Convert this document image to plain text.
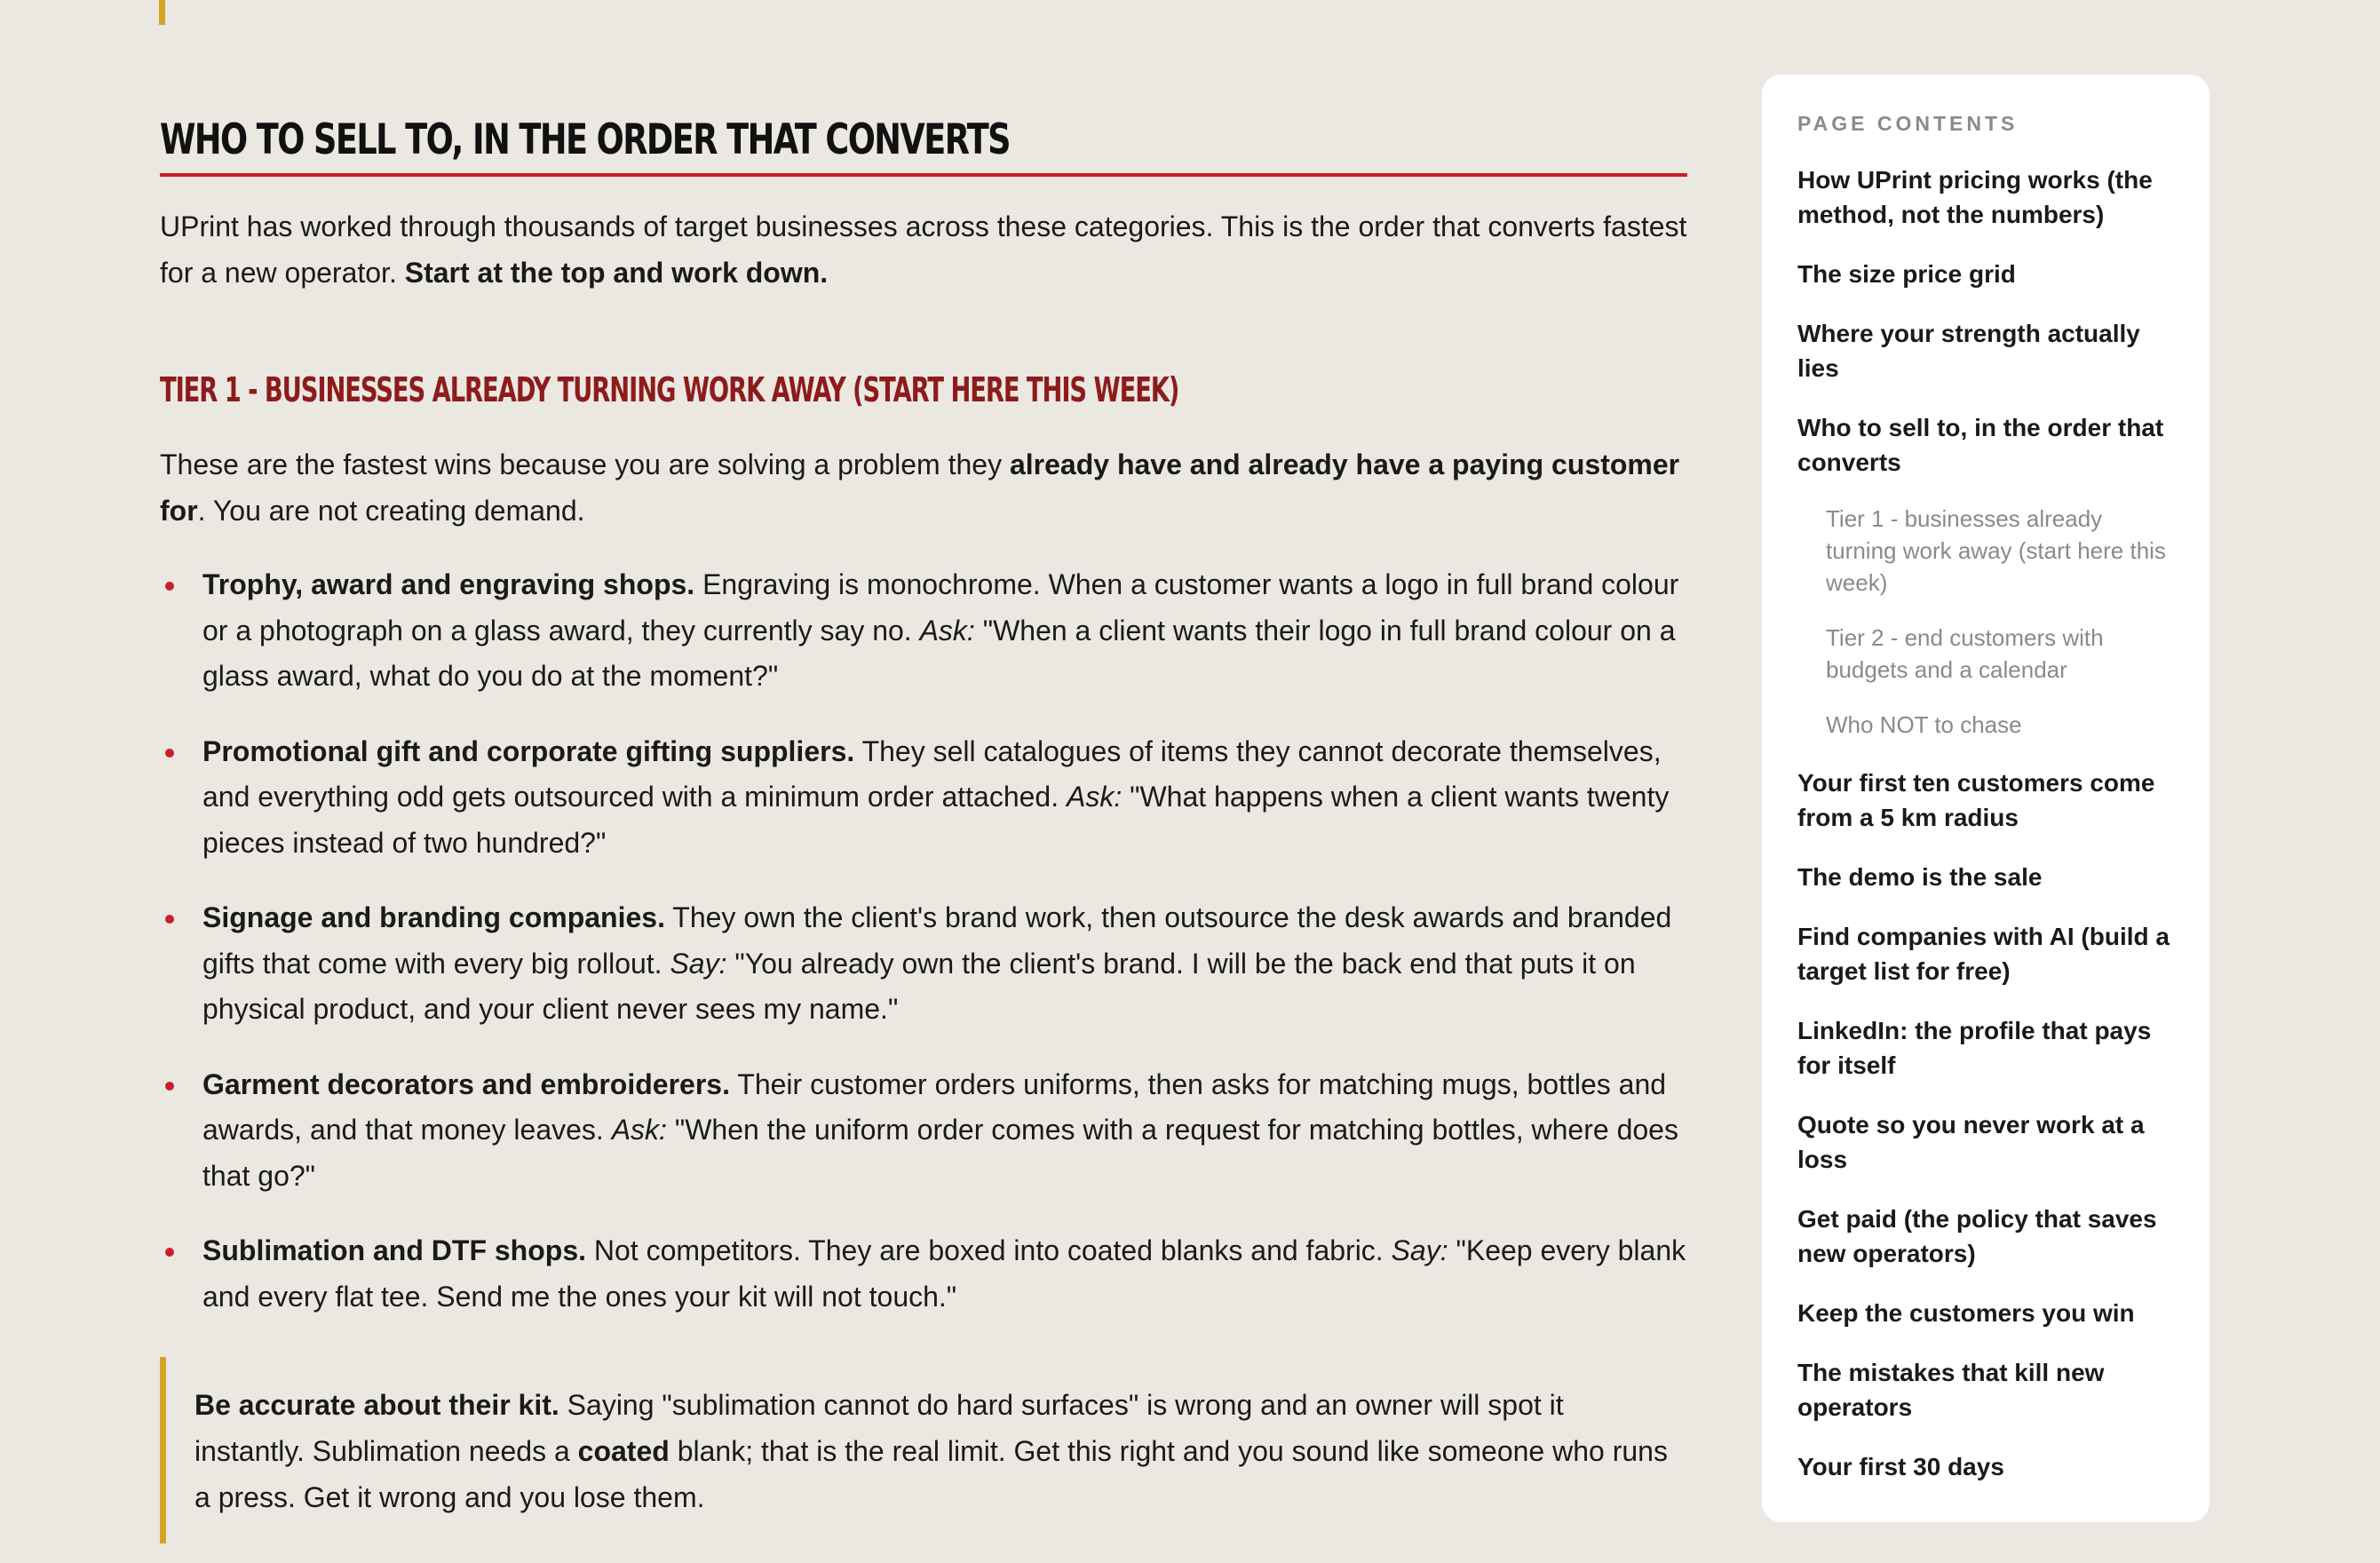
WHO TO SELL TO, IN THE ORDER THAT CONVERTS

UPrint has worked through thousands of target businesses across these categories. This is the order that converts fastest for a new operator. Start at the top and work down.

TIER 1 - BUSINESSES ALREADY TURNING WORK AWAY (START HERE THIS WEEK)

These are the fastest wins because you are solving a problem they already have and already have a paying customer for. You are not creating demand.

Trophy, award and engraving shops. Engraving is monochrome. When a customer wants a logo in full brand colour or a photograph on a glass award, they currently say no. Ask: "When a client wants their logo in full brand colour on a glass award, what do you do at the moment?"
Promotional gift and corporate gifting suppliers. They sell catalogues of items they cannot decorate themselves, and everything odd gets outsourced with a minimum order attached. Ask: "What happens when a client wants twenty pieces instead of two hundred?"
Signage and branding companies. They own the client's brand work, then outsource the desk awards and branded gifts that come with every big rollout. Say: "You already own the client's brand. I will be the back end that puts it on physical product, and your client never sees my name."
Garment decorators and embroiderers. Their customer orders uniforms, then asks for matching mugs, bottles and awards, and that money leaves. Ask: "When the uniform order comes with a request for matching bottles, where does that go?"
Sublimation and DTF shops. Not competitors. They are boxed into coated blanks and fabric. Say: "Keep every blank and every flat tee. Send me the ones your kit will not touch."

Be accurate about their kit. Saying "sublimation cannot do hard surfaces" is wrong and an owner will spot it instantly. Sublimation needs a coated blank; that is the real limit. Get this right and you sound like someone who runs a press. Get it wrong and you lose them.

PAGE CONTENTS
How UPrint pricing works (the method, not the numbers)
The size price grid
Where your strength actually lies
Who to sell to, in the order that converts
Tier 1 - businesses already turning work away (start here this week)
Tier 2 - end customers with budgets and a calendar
Who NOT to chase
Your first ten customers come from a 5 km radius
The demo is the sale
Find companies with AI (build a target list for free)
LinkedIn: the profile that pays for itself
Quote so you never work at a loss
Get paid (the policy that saves new operators)
Keep the customers you win
The mistakes that kill new operators
Your first 30 days
